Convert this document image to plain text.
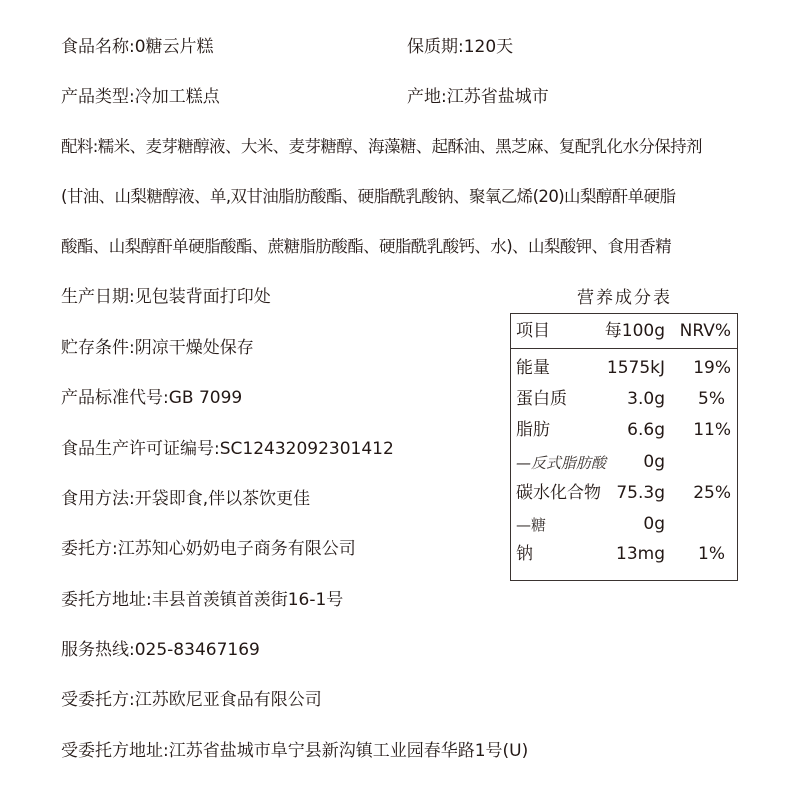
食品名称:0糖云片糕	保质期:120天
产品类型:冷加工糕点	产地:江苏省盐城市
配料:糯米、麦芽糖醇液、大米、麦芽糖醇、海藻糖、起酥油、黑芝麻、复配乳化水分保持剂
(甘油、山梨糖醇液、单,双甘油脂肪酸酯、硬脂酰乳酸钠、聚氧乙烯(20)山梨醇酐单硬脂
酸酯、山梨醇酐单硬脂酸酯、蔗糖脂肪酸酯、硬脂酰乳酸钙、水)、山梨酸钾、食用香精
生产日期:见包装背面打印处
贮存条件:阴凉干燥处保存
产品标准代号:GB 7099
食品生产许可证编号:SC12432092301412
食用方法:开袋即食,伴以茶饮更佳
委托方:江苏知心奶奶电子商务有限公司
委托方地址:丰县首羡镇首羡街16-1号
服务热线:025-83467169
受委托方:江苏欧尼亚食品有限公司
受委托方地址:江苏省盐城市阜宁县新沟镇工业园春华路1号(U)
营养成分表
项目	每100g NRV%
能量	1575kJ 19%
蛋白质	3.0g 5%
脂肪	6.6g 11%
—反式脂肪酸 0g
碳水化合物 75.3g 25%
—糖	0g
钠	13mg 1%
